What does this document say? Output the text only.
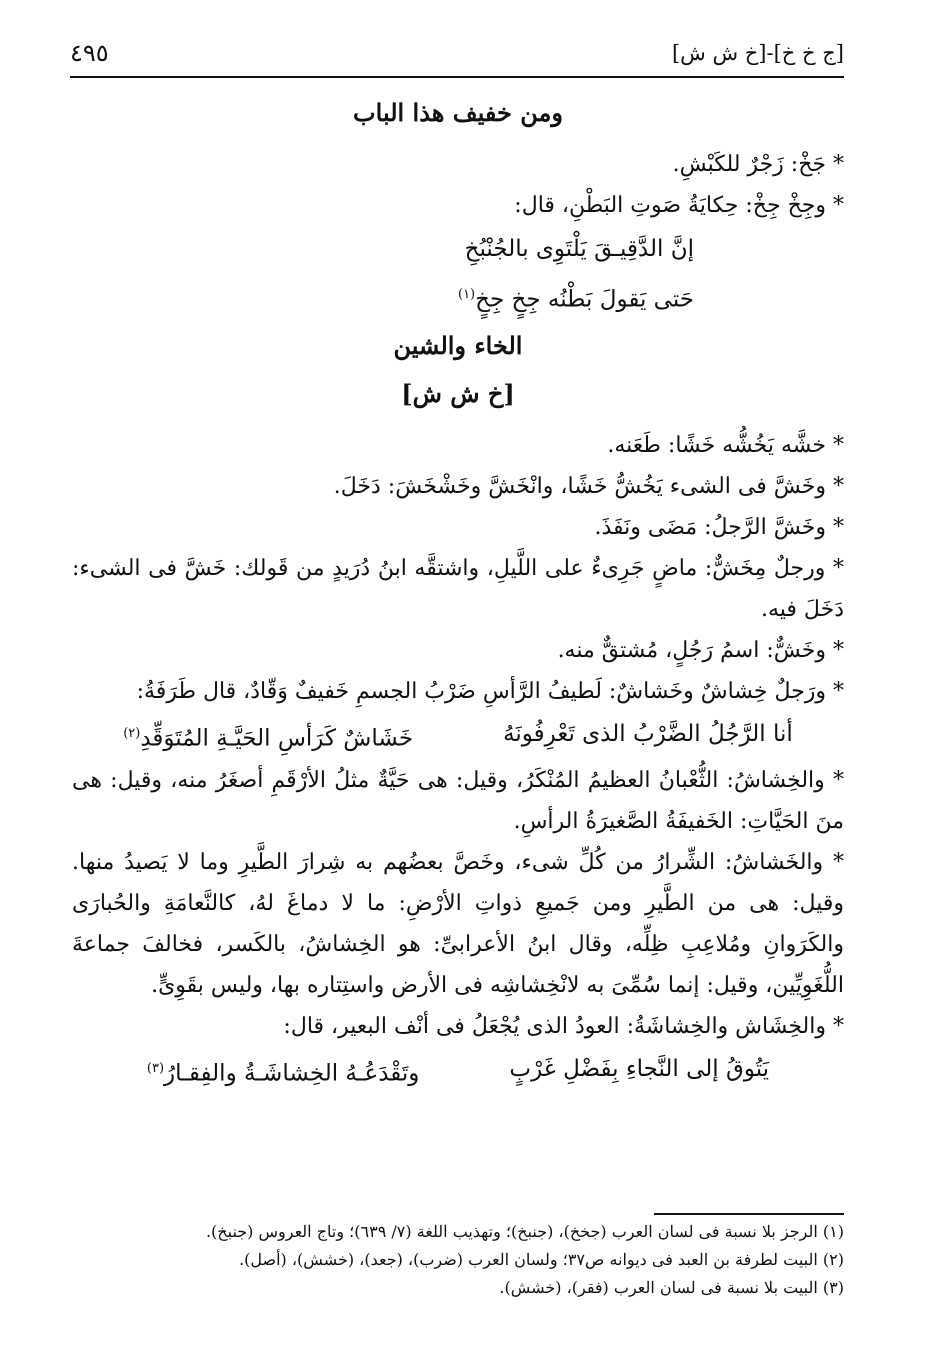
[ج خ خ]-[خ ش ش]
٤٩٥
ومن خفيف هذا الباب

* جَخْ: زَجْرٌ للكَبْشِ.

* وجِخْ جِخْ: حِكايَةُ صَوتِ البَطْنِ، قال:

إنَّ الدَّقِيـقَ يَلْتَوِى بالجُنْبُخِ
حَتى يَقولَ بَطْنُه جِخٍ جِخٍ$^{(١)}$
الخاء والشين
[خ ش ش]

* خشَّه يَخُشُّه خَشًا: طَعَنه.

* وخَشَّ فى الشىء يَخُشُّ خَشًا، وانْخَشَّ وخَشْخَشَ: دَخَلَ.

* وخَشَّ الرَّجلُ: مَضَى ونَفَذَ.

* ورجلٌ مِخَشٌّ: ماضٍ جَرِىءٌ على اللَّيلِ، واشتقَّه ابنُ دُرَيدٍ من قَولك: خَشَّ فى الشىء: دَخَلَ فيه.

* وخَشٌّ: اسمُ رَجُلٍ، مُشتقٌّ منه.

* ورَجلٌ خِشاشٌ وخَشاشٌ: لَطيفُ الرَّأسِ ضَرْبُ الجسمِ خَفيفٌ وَقّادٌ، قال طَرَفَةُ:

أنا الرَّجُلُ الضَّرْبُ الذى تَعْرِفُونَهُ
خَشَاشٌ كَرَأسِ الحَيَّـةِ المُتَوَقِّدِ$^{(٢)}$

* والخِشاشُ: الثُّعْبانُ العظيمُ المُنْكَرُ، وقيل: هى حَيَّةٌ مثلُ الأرْقَمِ أصغَرُ منه، وقيل: هى منَ الحَيَّاتِ: الخَفيفَةُ الصَّغيرَةُ الرأسِ.

* والخَشاشُ: الشِّرارُ من كُلِّ شىء، وخَصَّ بعضُهم به شِرارَ الطَّيرِ وما لا يَصيدُ منها. وقيل: هى من الطَّيرِ ومن جَميعِ ذواتِ الأرْضِ: ما لا دماغَ لهُ، كالنَّعامَةِ والحُبارَى والكَرَوانِ ومُلاعِبِ ظِلِّه، وقال ابنُ الأعرابىِّ: هو الخِشاشُ، بالكَسر، فخالفَ جماعةَ اللُّغَوِيِّين، وقيل: إنما سُمِّىَ به لانْخِشاشِه فى الأرض واستِتاره بها، وليس بقَوِىٍّ.

* والخِشَاش والخِشاشَةُ: العودُ الذى يُجْعَلُ فى أنْف البعير، قال:

يَتُوقُ إلى النَّجاءِ بِفَضْلِ غَرْبٍ
وتَقْدَعُـهُ الخِشاشَـةُ والفِقـارُ$^{(٣)}$

(١) الرجز بلا نسبة فى لسان العرب (جخخ)، (جنبخ)؛ وتهذيب اللغة (٧/ ٦٣٩)؛ وتاج العروس (جنبخ).

(٢) البيت لطرفة بن العبد فى ديوانه ص٣٧؛ ولسان العرب (ضرب)، (جعد)، (خشش)، (أصل).

(٣) البيت بلا نسبة فى لسان العرب (فقر)، (خشش).
